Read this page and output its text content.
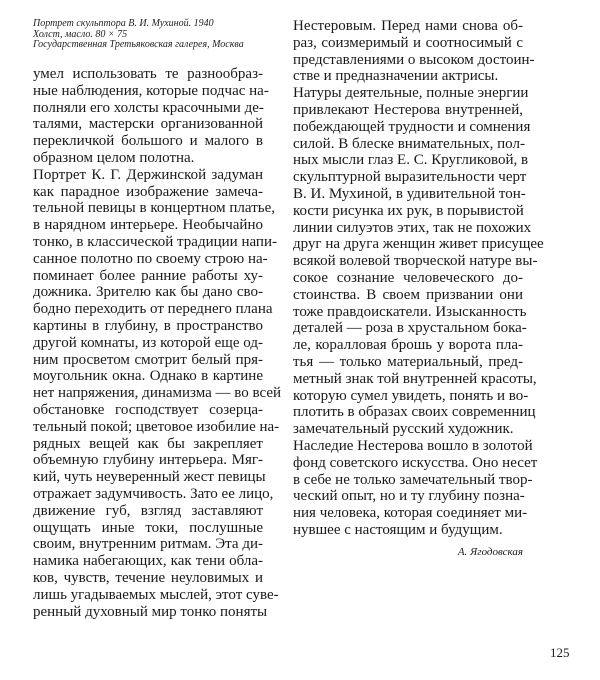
Портрет скульптора В. И. Мухиной. 1940
Холст, масло. 80 × 75
Государственная Третьяковская галерея, Москва
умел использовать те разнообраз-
ные наблюдения, которые подчас на-
полняли его холсты красочными де-
талями, мастерски организованной
перекличкой большого и малого в
образном целом полотна.
Портрет К. Г. Держинской задуман
как парадное изображение замеча-
тельной певицы в концертном платье,
в нарядном интерьере. Необычайно
тонко, в классической традиции напи-
санное полотно по своему строю на-
поминает более ранние работы ху-
дожника. Зрителю как бы дано сво-
бодно переходить от переднего плана
картины в глубину, в пространство
другой комнаты, из которой еще од-
ним просветом смотрит белый пря-
моугольник окна. Однако в картине
нет напряжения, динамизма — во всей
обстановке господствует созерца-
тельный покой; цветовое изобилие на-
рядных вещей как бы закрепляет
объемную глубину интерьера. Мяг-
кий, чуть неуверенный жест певицы
отражает задумчивость. Зато ее лицо,
движение губ, взгляд заставляют
ощущать иные токи, послушные
своим, внутренним ритмам. Эта ди-
намика набегающих, как тени обла-
ков, чувств, течение неуловимых и
лишь угадываемых мыслей, этот суве-
ренный духовный мир тонко поняты
Нестеровым. Перед нами снова об-
раз, соизмеримый и соотносимый с
представлениями о высоком достоин-
стве и предназначении актрисы.
Натуры деятельные, полные энергии
привлекают Нестерова внутренней,
побеждающей трудности и сомнения
силой. В блеске внимательных, пол-
ных мысли глаз Е. С. Кругликовой, в
скульптурной выразительности черт
В. И. Мухиной, в удивительной тон-
кости рисунка их рук, в порывистой
линии силуэтов этих, так не похожих
друг на друга женщин живет присущее
всякой волевой творческой натуре вы-
сокое сознание человеческого до-
стоинства. В своем призвании они
тоже правдоискатели. Изысканность
деталей — роза в хрустальном бока-
ле, коралловая брошь у ворота пла-
тья — только материальный, пред-
метный знак той внутренней красоты,
которую сумел увидеть, понять и во-
плотить в образах своих современниц
замечательный русский художник.
Наследие Нестерова вошло в золотой
фонд советского искусства. Оно несет
в себе не только замечательный твор-
ческий опыт, но и ту глубину позна-
ния человека, которая соединяет ми-
нувшее с настоящим и будущим.
А. Ягодовская
125
